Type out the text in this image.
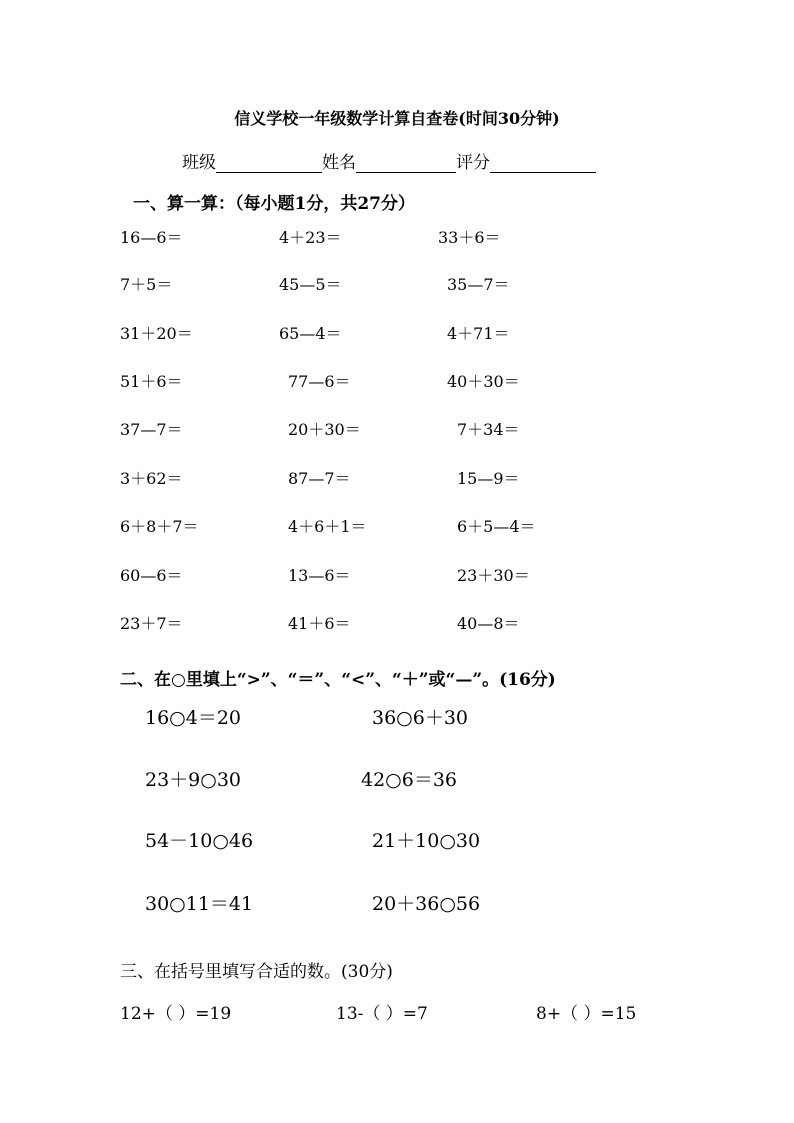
信义学校一年级数学计算自查卷(时间30分钟)
班级	姓名	评分
一、算一算：（每小题1分，共27分）
16—6＝	4＋23＝	33＋6＝
7＋5＝	45—5＝	35—7＝
31＋20＝	65—4＝	4＋71＝
51＋6＝	77—6＝	40＋30＝
37—7＝	20＋30＝	7＋34＝
3＋62＝	87—7＝	15—9＝
6＋8＋7＝	4＋6＋1＝	6＋5—4＝
60—6＝	13—6＝	23＋30＝
23＋7＝	41＋6＝	40—8＝
二、在○里填上“>”、“＝”、“<”、“＋”或“—”。(16分)
16○4＝20	36○6＋30
23＋9○30	42○6＝36
54－10○46	21＋10○30
30○11＝41	20＋36○56
三、在括号里填写合适的数。(30分)
12+（ ）=19	13-（ ）=7	8+（ ）=15
